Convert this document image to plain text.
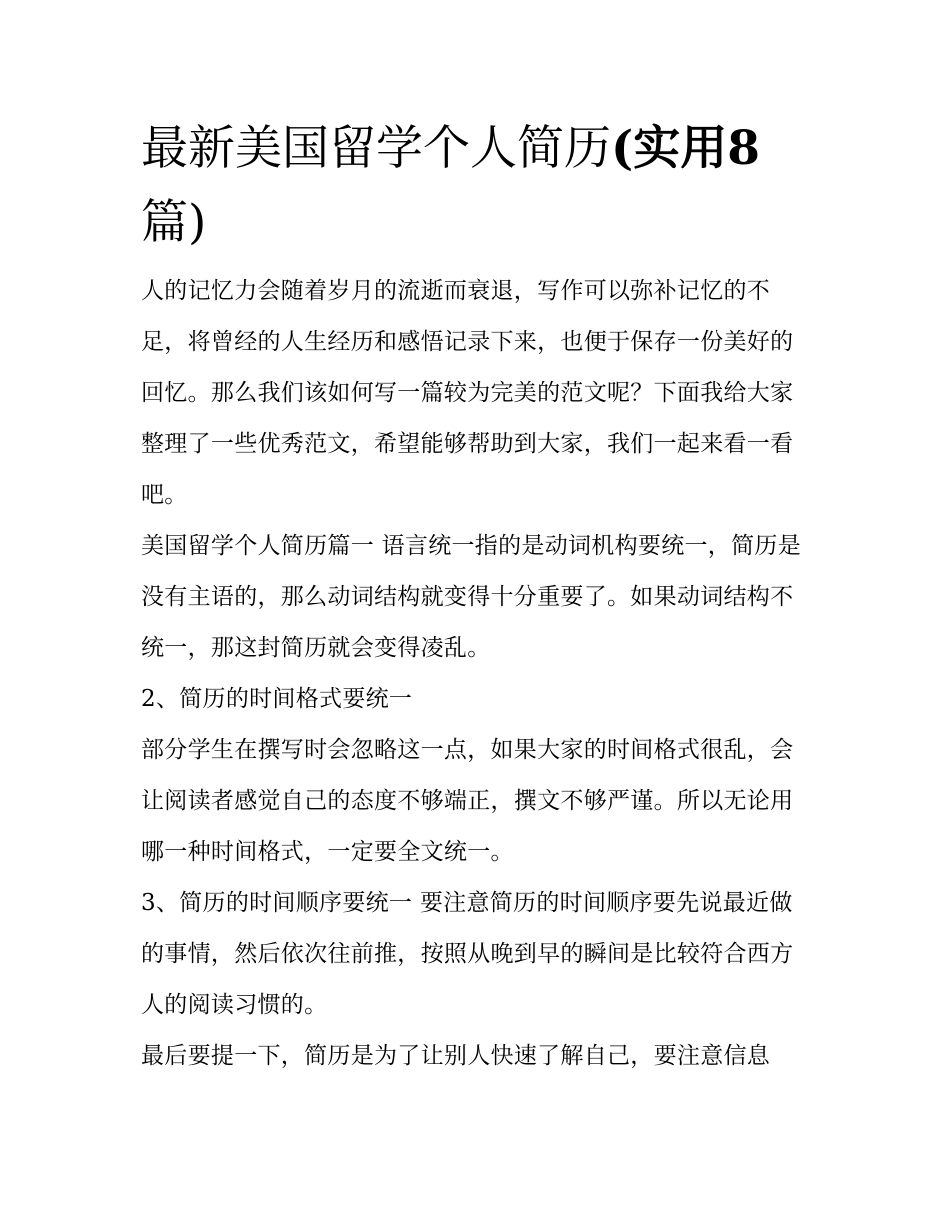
最新美国留学个人简历(实用8
篇)

人的记忆力会随着岁月的流逝而衰退，写作可以弥补记忆的不足，将曾经的人生经历和感悟记录下来，也便于保存一份美好的回忆。那么我们该如何写一篇较为完美的范文呢？下面我给大家整理了一些优秀范文，希望能够帮助到大家，我们一起来看一看吧。

美国留学个人简历篇一 语言统一指的是动词机构要统一，简历是没有主语的，那么动词结构就变得十分重要了。如果动词结构不统一，那这封简历就会变得凌乱。

2、简历的时间格式要统一

部分学生在撰写时会忽略这一点，如果大家的时间格式很乱，会让阅读者感觉自己的态度不够端正，撰文不够严谨。所以无论用哪一种时间格式，一定要全文统一。

3、简历的时间顺序要统一 要注意简历的时间顺序要先说最近做的事情，然后依次往前推，按照从晚到早的瞬间是比较符合西方人的阅读习惯的。

最后要提一下，简历是为了让别人快速了解自己，要注意信息
